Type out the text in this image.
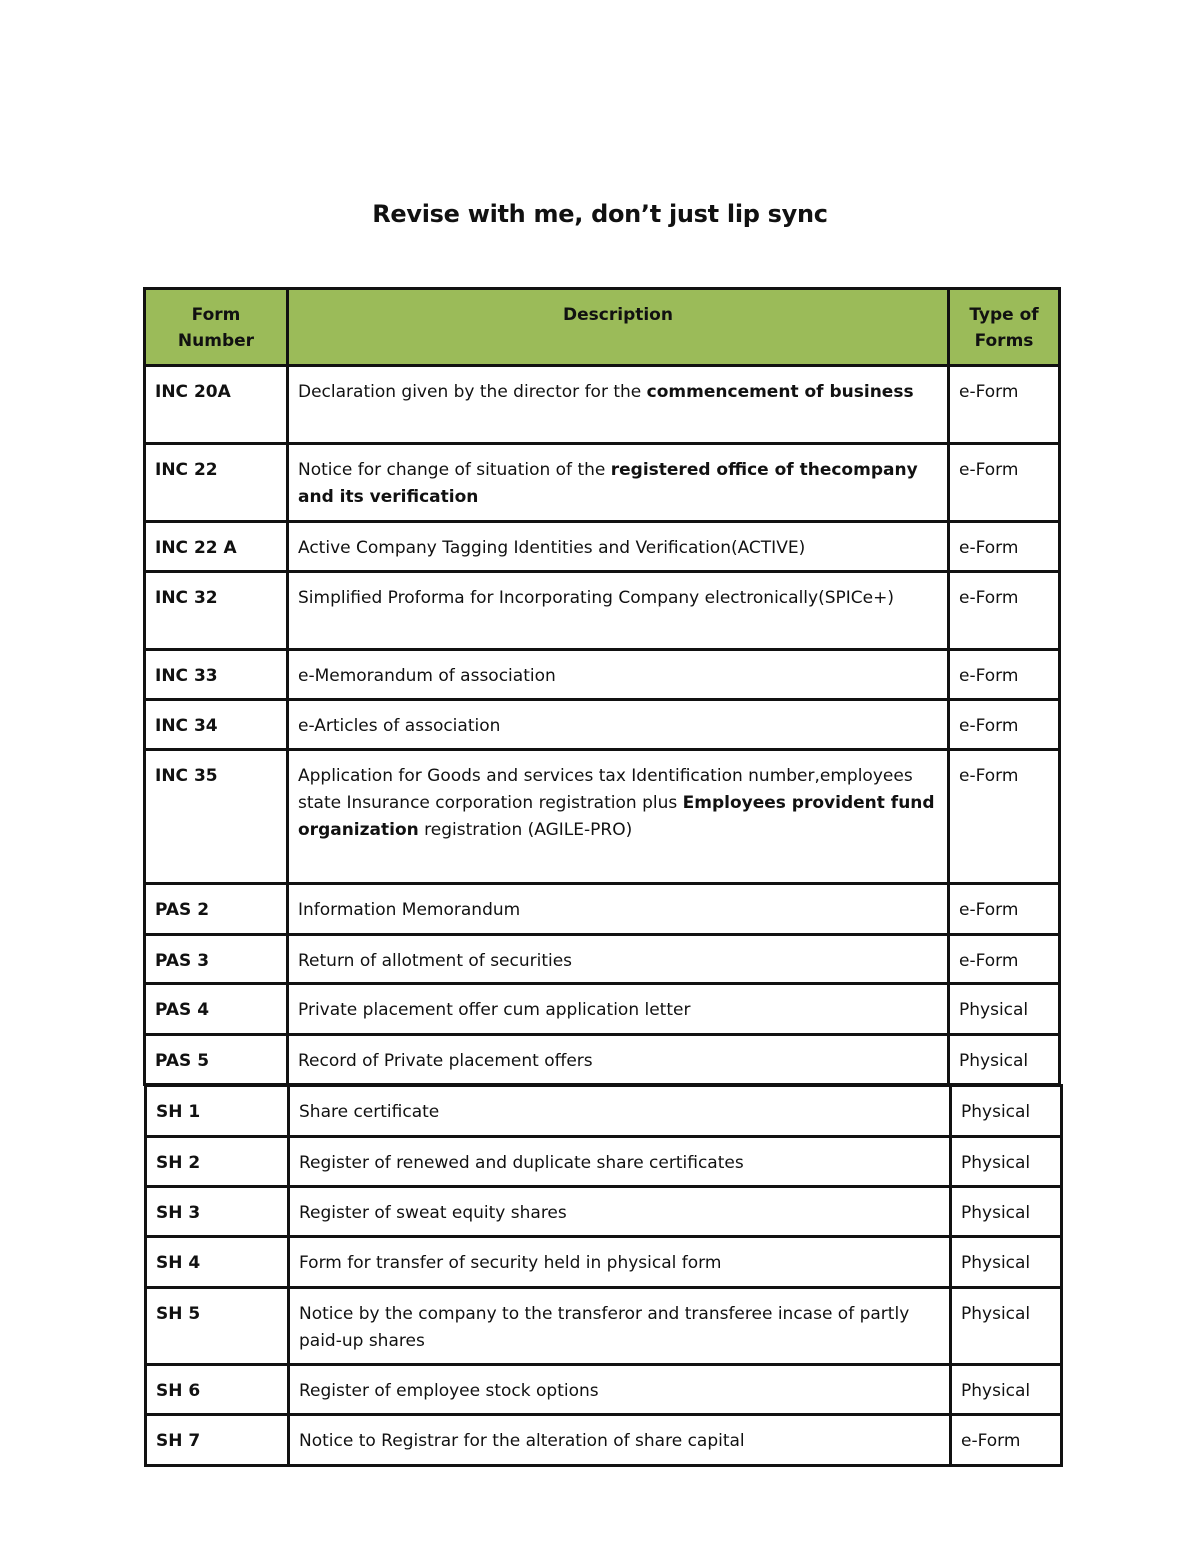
Revise with me, don’t just lip sync
Form Number	Description	Type of Forms
INC 20A	Declaration given by the director for the commencement of business	e-Form
INC 22	Notice for change of situation of the registered office of thecompany and its verification	e-Form
INC 22 A	Active Company Tagging Identities and Verification(ACTIVE)	e-Form
INC 32	Simplified Proforma for Incorporating Company electronically(SPICe+)	e-Form
INC 33	e-Memorandum of association	e-Form
INC 34	e-Articles of association	e-Form
INC 35	Application for Goods and services tax Identification number,employees state Insurance corporation registration plus Employees provident fund organization registration (AGILE-PRO)	e-Form
PAS 2	Information Memorandum	e-Form
PAS 3	Return of allotment of securities	e-Form
PAS 4	Private placement offer cum application letter	Physical
PAS 5	Record of Private placement offers	Physical
SH 1	Share certificate	Physical
SH 2	Register of renewed and duplicate share certificates	Physical
SH 3	Register of sweat equity shares	Physical
SH 4	Form for transfer of security held in physical form	Physical
SH 5	Notice by the company to the transferor and transferee incase of partly paid-up shares	Physical
SH 6	Register of employee stock options	Physical
SH 7	Notice to Registrar for the alteration of share capital	e-Form
